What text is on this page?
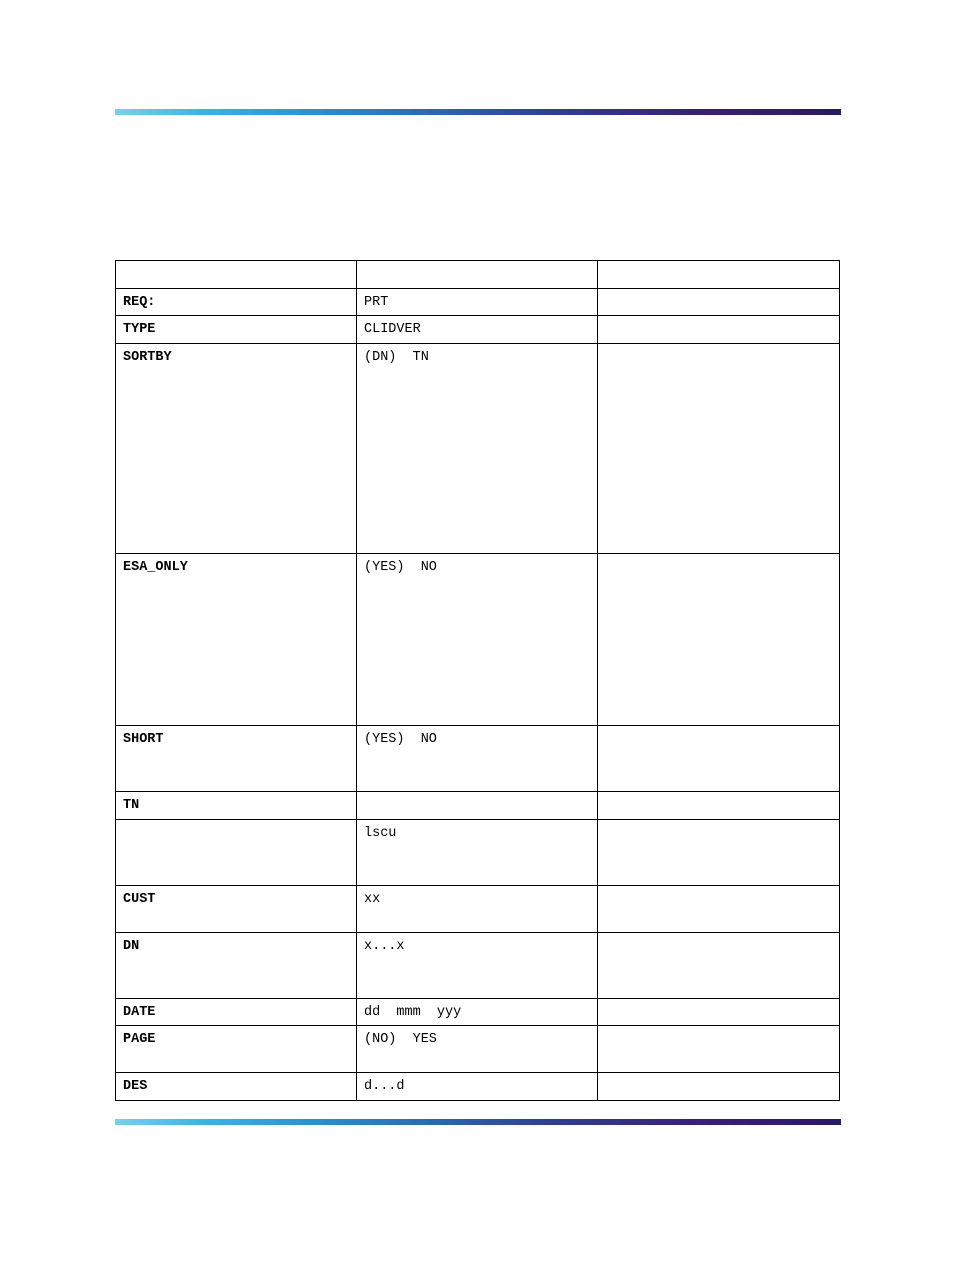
REQ:	PRT	
TYPE	CLIDVER	
SORTBY	(DN)  TN	
ESA_ONLY	(YES)  NO	
SHORT	(YES)  NO	
TN		
	lscu	
CUST	xx	
DN	x...x	
DATE	dd  mmm  yyy	
PAGE	(NO)  YES	
DES	d...d	
